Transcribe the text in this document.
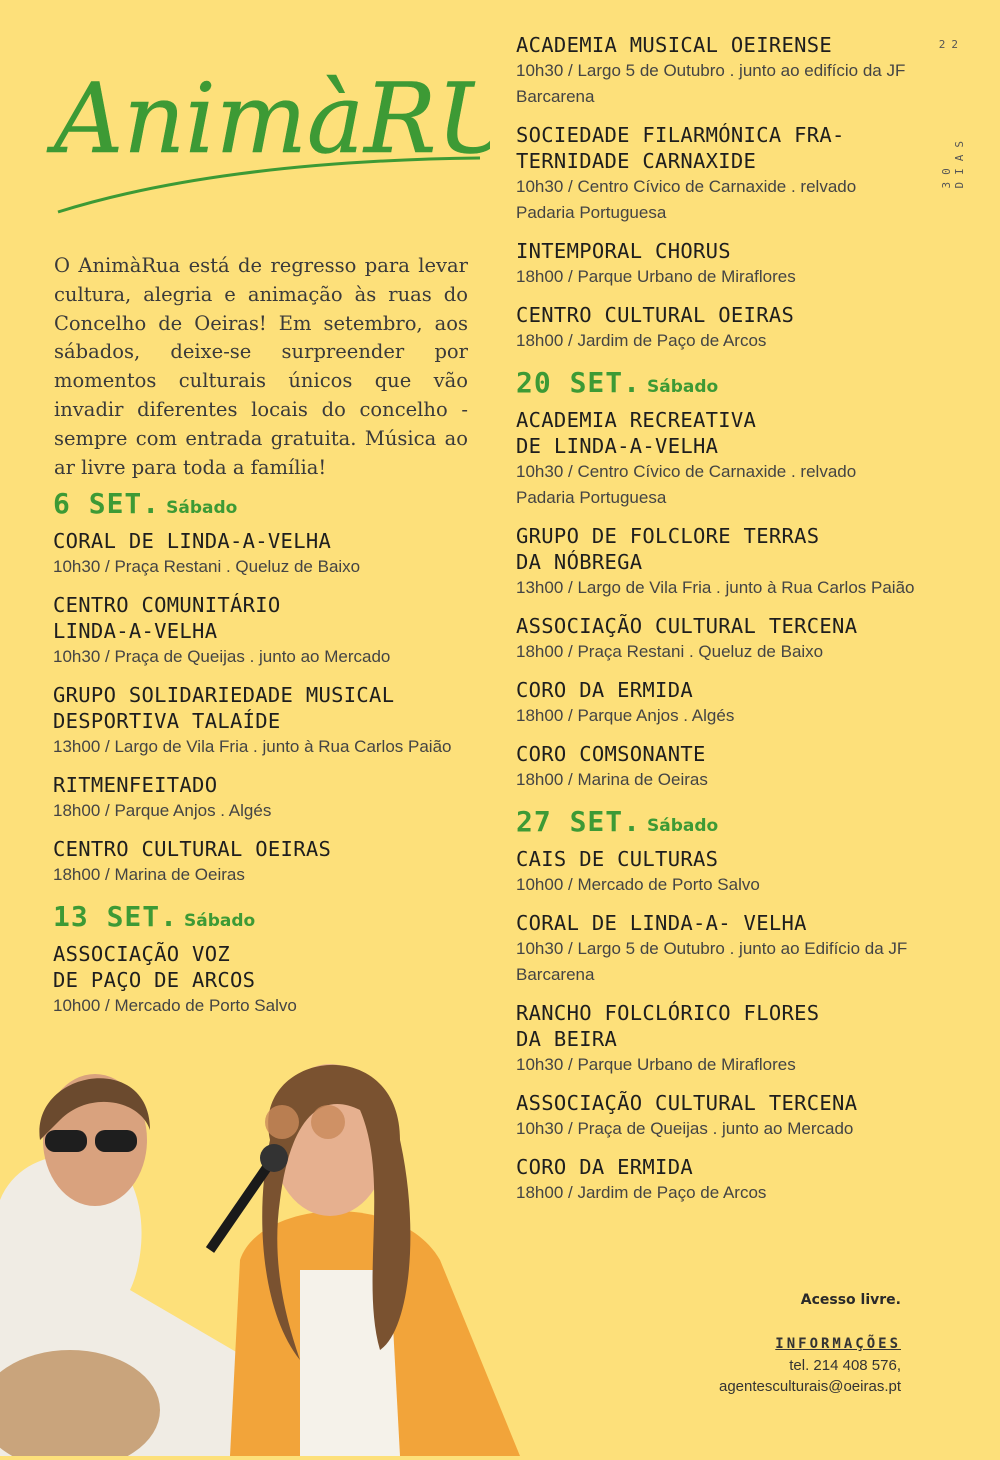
AnimàR
22
30 DIAS

O AnimàRua está de regresso para levar cultura, alegria e animação às ruas do Concelho de Oeiras! Em setembro, aos sábados, deixe-se surpreender por momentos culturais únicos que vão invadir diferentes locais do concelho - sempre com entrada gratuita. Música ao ar livre para toda a família!

6 SET. Sábado
CORAL DE LINDA-A-VELHA
10h30 / Praça Restani . Queluz de Baixo
CENTRO COMUNITÁRIO
LINDA-A-VELHA
10h30 / Praça de Queijas . junto ao Mercado
GRUPO SOLIDARIEDADE MUSICAL
DESPORTIVA TALAÍDE
13h00 / Largo de Vila Fria . junto à Rua Carlos Paião
RITMENFEITADO
18h00 / Parque Anjos . Algés
CENTRO CULTURAL OEIRAS
18h00 / Marina de Oeiras
13 SET. Sábado
ASSOCIAÇÃO VOZ
DE PAÇO DE ARCOS
10h00 / Mercado de Porto Salvo
ACADEMIA MUSICAL OEIRENSE
10h30 / Largo 5 de Outubro . junto ao edifício da JF Barcarena
SOCIEDADE FILARMÓNICA FRA-
TERNIDADE CARNAXIDE
10h30 / Centro Cívico de Carnaxide . relvado Padaria Portuguesa
INTEMPORAL CHORUS
18h00 / Parque Urbano de Miraflores
CENTRO CULTURAL OEIRAS
18h00 / Jardim de Paço de Arcos
20 SET. Sábado
ACADEMIA RECREATIVA
DE LINDA-A-VELHA
10h30 / Centro Cívico de Carnaxide . relvado Padaria Portuguesa
GRUPO DE FOLCLORE TERRAS
DA NÓBREGA
13h00 / Largo de Vila Fria . junto à Rua Carlos Paião
ASSOCIAÇÃO CULTURAL TERCENA
18h00 / Praça Restani . Queluz de Baixo
CORO DA ERMIDA
18h00 / Parque Anjos . Algés
CORO COMSONANTE
18h00 / Marina de Oeiras
27 SET. Sábado
CAIS DE CULTURAS
10h00 / Mercado de Porto Salvo
CORAL DE LINDA-A- VELHA
10h30 / Largo 5 de Outubro . junto ao Edifício da JF Barcarena
RANCHO FOLCLÓRICO FLORES
DA BEIRA
10h30 / Parque Urbano de Miraflores
ASSOCIAÇÃO CULTURAL TERCENA
10h30 / Praça de Queijas . junto ao Mercado
CORO DA ERMIDA
18h00 / Jardim de Paço de Arcos
Acesso livre.
INFORMAÇÕES
tel. 214 408 576,
agentesculturais@oeiras.pt
